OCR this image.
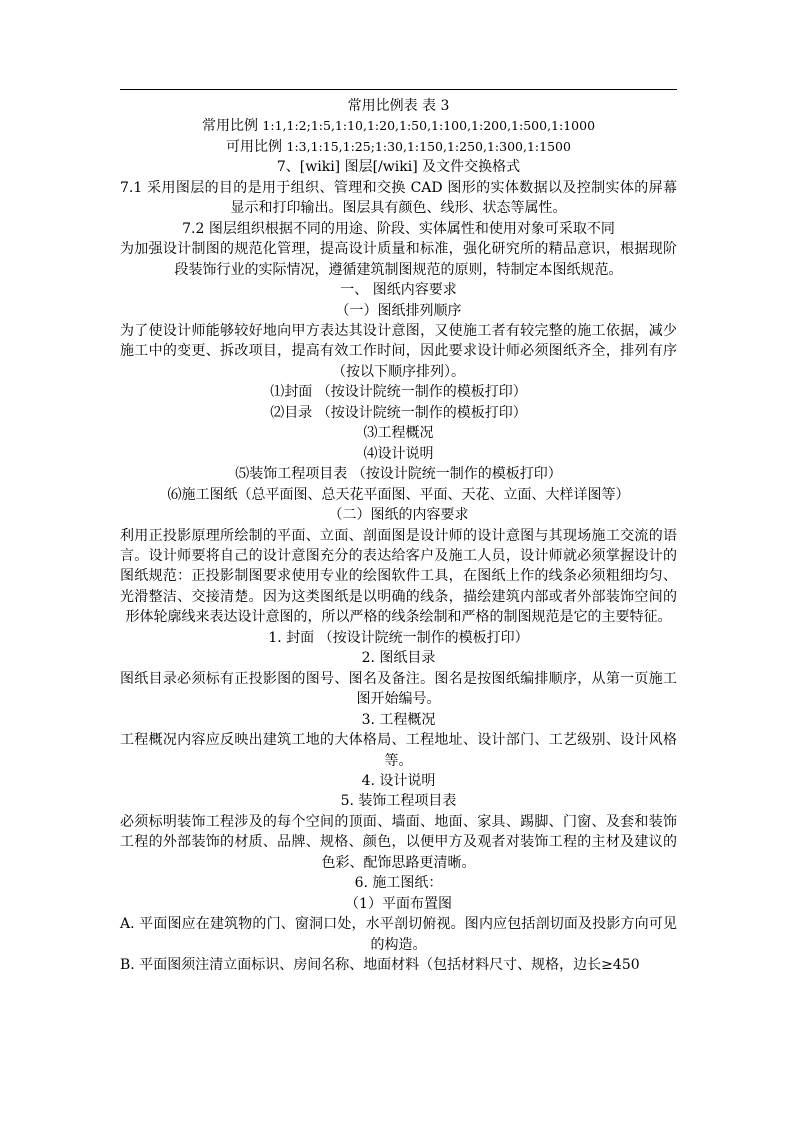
常用比例表 表 3
常用比例 1:1,1:2;1:5,1:10,1:20,1:50,1:100,1:200,1:500,1:1000
可用比例 1:3,1:15,1:25;1:30,1:150,1:250,1:300,1:1500
7、[wiki] 图层[/wiki] 及文件交换格式
7.1 采用图层的目的是用于组织、管理和交换 CAD 图形的实体数据以及控制实体的屏幕显示和打印输出。图层具有颜色、线形、状态等属性。
7.2 图层组织根据不同的用途、阶段、实体属性和使用对象可采取不同
为加强设计制图的规范化管理，提高设计质量和标准，强化研究所的精品意识，根据现阶段装饰行业的实际情况，遵循建筑制图规范的原则，特制定本图纸规范。
一、 图纸内容要求
（一）图纸排列顺序
为了使设计师能够较好地向甲方表达其设计意图，又使施工者有较完整的施工依据，减少施工中的变更、拆改项目，提高有效工作时间，因此要求设计师必须图纸齐全，排列有序（按以下顺序排列）。
⑴封面 （按设计院统一制作的模板打印）
⑵目录 （按设计院统一制作的模板打印）
⑶工程概况
⑷设计说明
⑸装饰工程项目表 （按设计院统一制作的模板打印）
⑹施工图纸（总平面图、总天花平面图、平面、天花、立面、大样详图等）
（二）图纸的内容要求
利用正投影原理所绘制的平面、立面、剖面图是设计师的设计意图与其现场施工交流的语言。设计师要将自己的设计意图充分的表达给客户及施工人员，设计师就必须掌握设计的图纸规范：正投影制图要求使用专业的绘图软件工具，在图纸上作的线条必须粗细均匀、光滑整洁、交接清楚。因为这类图纸是以明确的线条，描绘建筑内部或者外部装饰空间的形体轮廓线来表达设计意图的，所以严格的线条绘制和严格的制图规范是它的主要特征。
1. 封面 （按设计院统一制作的模板打印）
2. 图纸目录
图纸目录必须标有正投影图的图号、图名及备注。图名是按图纸编排顺序，从第一页施工图开始编号。
3. 工程概况
工程概况内容应反映出建筑工地的大体格局、工程地址、设计部门、工艺级别、设计风格等。
4. 设计说明
5. 装饰工程项目表
必须标明装饰工程涉及的每个空间的顶面、墙面、地面、家具、踢脚、门窗、及套和装饰工程的外部装饰的材质、品牌、规格、颜色，以便甲方及观者对装饰工程的主材及建议的色彩、配饰思路更清晰。
6. 施工图纸：
（1）平面布置图
A. 平面图应在建筑物的门、窗洞口处，水平剖切俯视。图内应包括剖切面及投影方向可见的构造。
B. 平面图须注清立面标识、房间名称、地面材料（包括材料尺寸、规格，边长≥450
